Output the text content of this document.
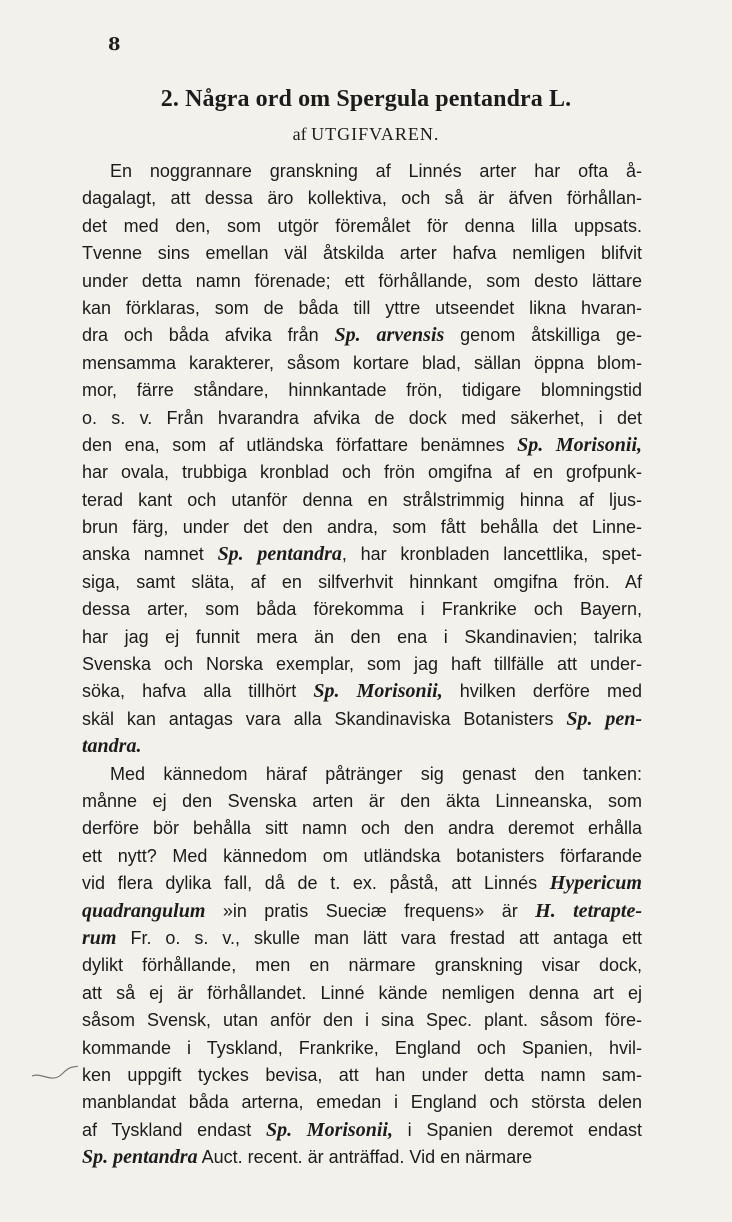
8
2. Några ord om Spergula pentandra L.
af UTGIFVAREN.
En noggrannare granskning af Linnés arter har ofta å-
dagalagt, att dessa äro kollektiva, och så är äfven förhållan-
det med den, som utgör föremålet för denna lilla uppsats.
Tvenne sins emellan väl åtskilda arter hafva nemligen blifvit
under detta namn förenade; ett förhållande, som desto lättare
kan förklaras, som de båda till yttre utseendet likna hvaran-
dra och båda afvika från Sp. arvensis genom åtskilliga ge-
mensamma karakterer, såsom kortare blad, sällan öppna blom-
mor, färre ståndare, hinnkantade frön, tidigare blomningstid
o. s. v. Från hvarandra afvika de dock med säkerhet, i det
den ena, som af utländska författare benämnes Sp. Morisonii,
har ovala, trubbiga kronblad och frön omgifna af en grofpunk-
terad kant och utanför denna en strålstrimmig hinna af ljus-
brun färg, under det den andra, som fått behålla det Linne-
anska namnet Sp. pentandra, har kronbladen lancettlika, spet-
siga, samt släta, af en silfverhvit hinnkant omgifna frön. Af
dessa arter, som båda förekomma i Frankrike och Bayern,
har jag ej funnit mera än den ena i Skandinavien; talrika
Svenska och Norska exemplar, som jag haft tillfälle att under-
söka, hafva alla tillhört Sp. Morisonii, hvilken derföre med
skäl kan antagas vara alla Skandinaviska Botanisters Sp. pen-
tandra.
Med kännedom häraf påtränger sig genast den tanken:
månne ej den Svenska arten är den äkta Linneanska, som
derföre bör behålla sitt namn och den andra deremot erhålla
ett nytt? Med kännedom om utländska botanisters förfarande
vid flera dylika fall, då de t. ex. påstå, att Linnés Hypericum
quadrangulum »in pratis Sueciæ frequens» är H. tetrapte-
rum Fr. o. s. v., skulle man lätt vara frestad att antaga ett
dylikt förhållande, men en närmare granskning visar dock,
att så ej är förhållandet. Linné kände nemligen denna art ej
såsom Svensk, utan anför den i sina Spec. plant. såsom före-
kommande i Tyskland, Frankrike, England och Spanien, hvil-
ken uppgift tyckes bevisa, att han under detta namn sam-
manblandat båda arterna, emedan i England och största delen
af Tyskland endast Sp. Morisonii, i Spanien deremot endast
Sp. pentandra Auct. recent. är anträffad. Vid en närmare
